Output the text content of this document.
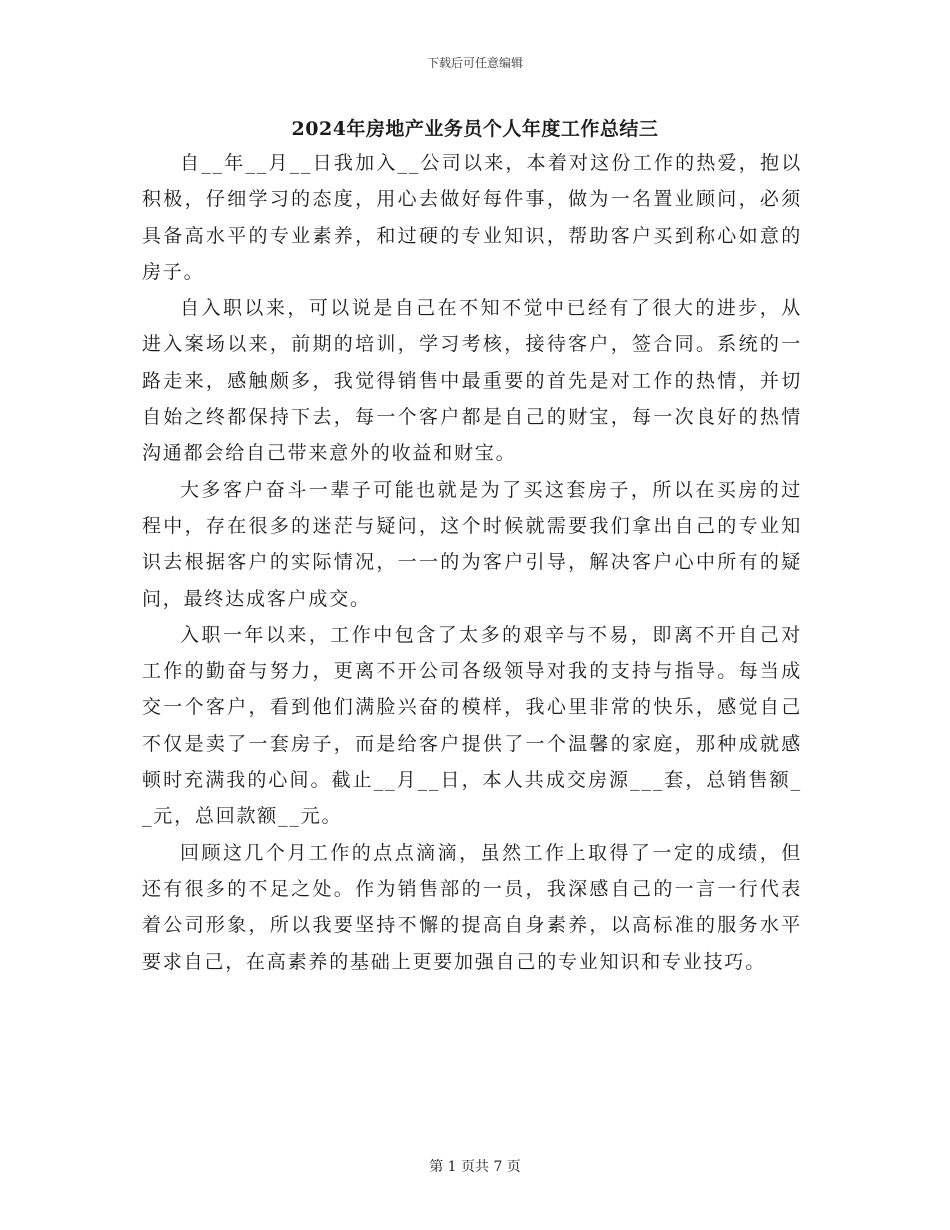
下载后可任意编辑
2024年房地产业务员个人年度工作总结三

自__年__月__日我加入__公司以来，本着对这份工作的热爱，抱以积极，仔细学习的态度，用心去做好每件事，做为一名置业顾问，必须具备高水平的专业素养，和过硬的专业知识，帮助客户买到称心如意的房子。

自入职以来，可以说是自己在不知不觉中已经有了很大的进步，从进入案场以来，前期的培训，学习考核，接待客户，签合同。系统的一路走来，感触颇多，我觉得销售中最重要的首先是对工作的热情，并切自始之终都保持下去，每一个客户都是自己的财宝，每一次良好的热情沟通都会给自己带来意外的收益和财宝。

大多客户奋斗一辈子可能也就是为了买这套房子，所以在买房的过程中，存在很多的迷茫与疑问，这个时候就需要我们拿出自己的专业知识去根据客户的实际情况，一一的为客户引导，解决客户心中所有的疑问，最终达成客户成交。

入职一年以来，工作中包含了太多的艰辛与不易，即离不开自己对工作的勤奋与努力，更离不开公司各级领导对我的支持与指导。每当成交一个客户，看到他们满脸兴奋的模样，我心里非常的快乐，感觉自己不仅是卖了一套房子，而是给客户提供了一个温馨的家庭，那种成就感顿时充满我的心间。截止__月__日，本人共成交房源___套，总销售额__元，总回款额__元。

回顾这几个月工作的点点滴滴，虽然工作上取得了一定的成绩，但还有很多的不足之处。作为销售部的一员，我深感自己的一言一行代表着公司形象，所以我要坚持不懈的提高自身素养，以高标准的服务水平要求自己，在高素养的基础上更要加强自己的专业知识和专业技巧。

第 1 页共 7 页
